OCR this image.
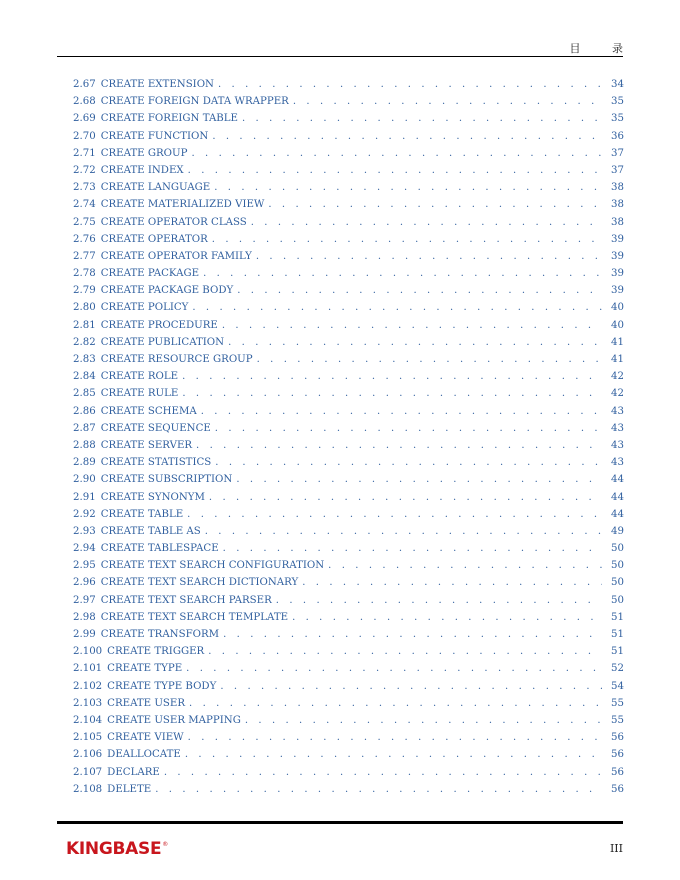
目 录
2.67 CREATE EXTENSION . . .	34
2.68 CREATE FOREIGN DATA WRAPPER . . .	35
2.69 CREATE FOREIGN TABLE . . .	35
2.70 CREATE FUNCTION . . .	36
2.71 CREATE GROUP . . .	37
2.72 CREATE INDEX . . .	37
2.73 CREATE LANGUAGE . . .	38
2.74 CREATE MATERIALIZED VIEW . . .	38
2.75 CREATE OPERATOR CLASS . . .	38
2.76 CREATE OPERATOR . . .	39
2.77 CREATE OPERATOR FAMILY . . .	39
2.78 CREATE PACKAGE . . .	39
2.79 CREATE PACKAGE BODY . . .	39
2.80 CREATE POLICY . . .	40
2.81 CREATE PROCEDURE . . .	40
2.82 CREATE PUBLICATION . . .	41
2.83 CREATE RESOURCE GROUP . . .	41
2.84 CREATE ROLE . . .	42
2.85 CREATE RULE . . .	42
2.86 CREATE SCHEMA . . .	43
2.87 CREATE SEQUENCE . . .	43
2.88 CREATE SERVER . . .	43
2.89 CREATE STATISTICS . . .	43
2.90 CREATE SUBSCRIPTION . . .	44
2.91 CREATE SYNONYM . . .	44
2.92 CREATE TABLE . . .	44
2.93 CREATE TABLE AS . . .	49
2.94 CREATE TABLESPACE . . .	50
2.95 CREATE TEXT SEARCH CONFIGURATION . . .	50
2.96 CREATE TEXT SEARCH DICTIONARY . . .	50
2.97 CREATE TEXT SEARCH PARSER . . .	50
2.98 CREATE TEXT SEARCH TEMPLATE . . .	51
2.99 CREATE TRANSFORM . . .	51
2.100 CREATE TRIGGER . . .	51
2.101 CREATE TYPE . . .	52
2.102 CREATE TYPE BODY . . .	54
2.103 CREATE USER . . .	55
2.104 CREATE USER MAPPING . . .	55
2.105 CREATE VIEW . . .	56
2.106 DEALLOCATE . . .	56
2.107 DECLARE . . .	56
2.108 DELETE . . .	56
KINGBASE ®	III
